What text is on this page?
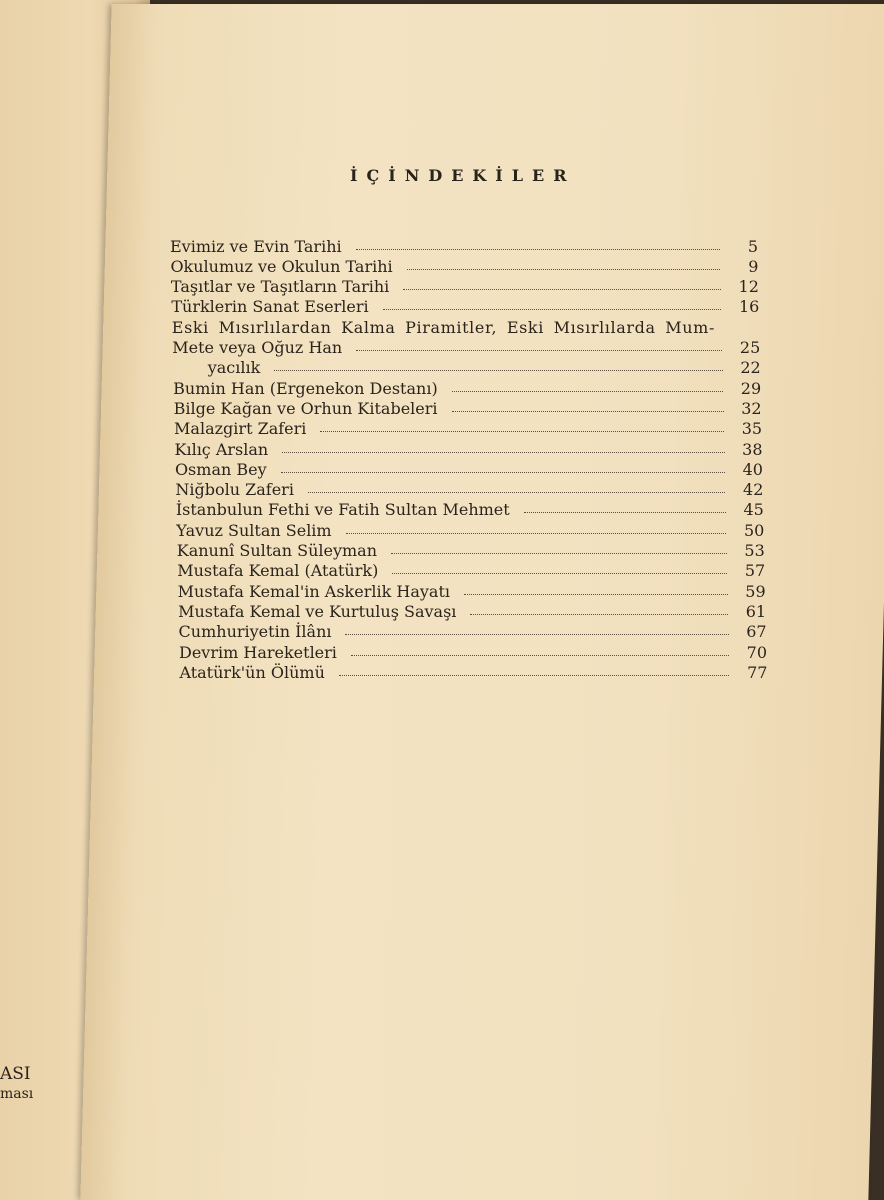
ASI
ması
İÇİNDEKİLER
Evimiz ve Evin Tarihi	5
Okulumuz ve Okulun Tarihi	9
Taşıtlar ve Taşıtların Tarihi	12
Türklerin Sanat Eserleri	16
Eski Mısırlılardan Kalma Piramitler, Eski Mısırlılarda Mum-
Mete veya Oğuz Han	25
yacılık	22
Bumin Han (Ergenekon Destanı)	29
Bilge Kağan ve Orhun Kitabeleri	32
Malazgirt Zaferi	35
Kılıç Arslan	38
Osman Bey	40
Niğbolu Zaferi	42
İstanbulun Fethi ve Fatih Sultan Mehmet	45
Yavuz Sultan Selim	50
Kanunî Sultan Süleyman	53
Mustafa Kemal (Atatürk)	57
Mustafa Kemal'in Askerlik Hayatı	59
Mustafa Kemal ve Kurtuluş Savaşı	61
Cumhuriyetin İlânı	67
Devrim Hareketleri	70
Atatürk'ün Ölümü	77
